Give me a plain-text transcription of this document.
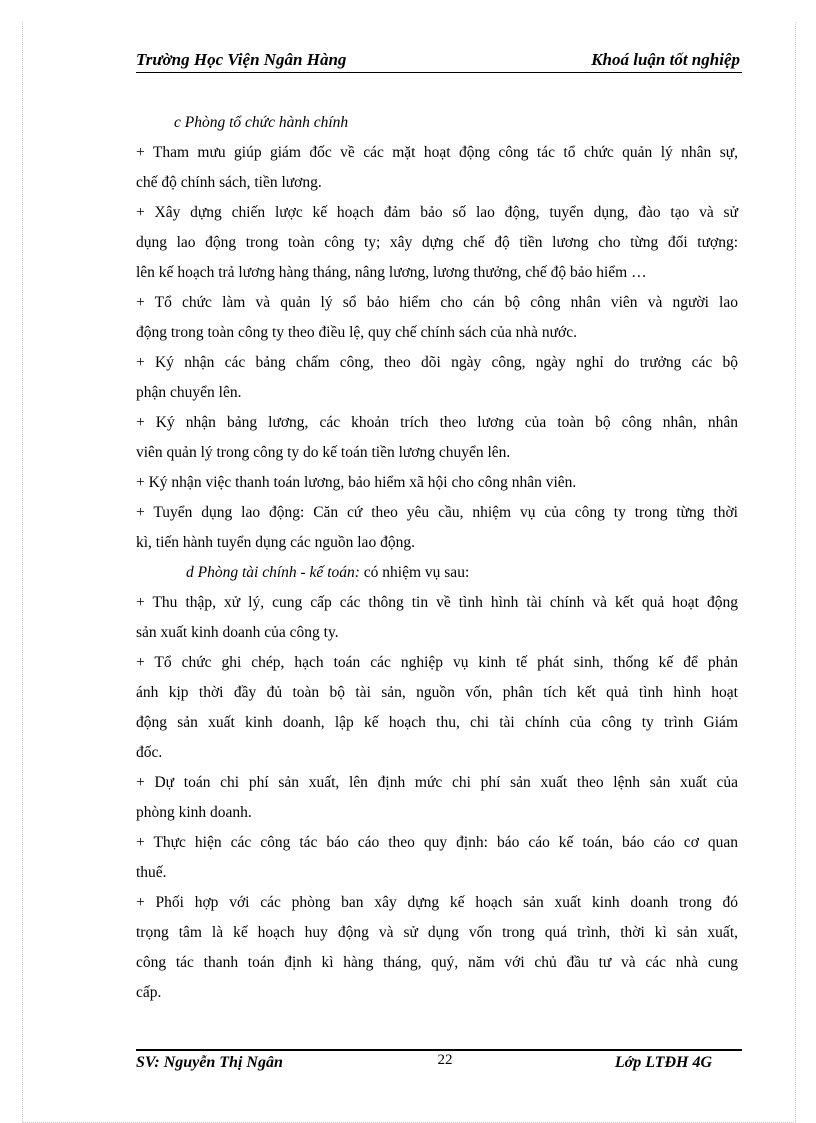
Trường Học Viện Ngân Hàng	Khoá luận tốt nghiệp
c Phòng tổ chức hành chính
+ Tham mưu giúp giám đốc về các mặt hoạt động công tác tổ chức quản lý nhân sự,
chế độ chính sách, tiền lương.
+ Xây dựng chiến lược kế hoạch đảm bảo số lao động, tuyển dụng, đào tạo và sử
dụng lao động trong toàn công ty; xây dựng chế độ tiền lương cho từng đối tượng:
lên kế hoạch trả lương hàng tháng, nâng lương, lương thưởng, chế độ bảo hiểm …
+ Tổ chức làm và quản lý sổ bảo hiểm cho cán bộ công nhân viên và người lao
động trong toàn công ty theo điều lệ, quy chế chính sách của nhà nước.
+ Ký nhận các bảng chấm công, theo dõi ngày công, ngày nghỉ do trưởng các bộ
phận chuyển lên.
+ Ký nhận bảng lương, các khoản trích theo lương của toàn bộ công nhân, nhân
viên quản lý trong công ty do kế toán tiền lương chuyển lên.
+ Ký nhận việc thanh toán lương, bảo hiểm xã hội cho công nhân viên.
+ Tuyển dụng lao động: Căn cứ theo yêu cầu, nhiệm vụ của công ty trong từng thời
kì, tiến hành tuyển dụng các nguồn lao động.
d Phòng tài chính - kế toán: có nhiệm vụ sau:
+ Thu thập, xử lý, cung cấp các thông tin về tình hình tài chính và kết quả hoạt động
sản xuất kinh doanh của công ty.
+ Tổ chức ghi chép, hạch toán các nghiệp vụ kinh tế phát sinh, thống kế để phản
ánh kịp thời đầy đủ toàn bộ tài sản, nguồn vốn, phân tích kết quả tình hình hoạt
động sản xuất kinh doanh, lập kế hoạch thu, chi tài chính của công ty trình Giám
đốc.
+ Dự toán chi phí sản xuất, lên định mức chi phí sản xuất theo lệnh sản xuất của
phòng kinh doanh.
+ Thực hiện các công tác báo cáo theo quy định: báo cáo kế toán, báo cáo cơ quan
thuế.
+ Phối hợp với các phòng ban xây dựng kế hoạch sản xuất kinh doanh trong đó
trọng tâm là kế hoạch huy động và sử dụng vốn trong quá trình, thời kì sản xuất,
công tác thanh toán định kì hàng tháng, quý, năm với chủ đầu tư và các nhà cung
cấp.
SV: Nguyễn Thị Ngân	22	Lớp LTĐH 4G
